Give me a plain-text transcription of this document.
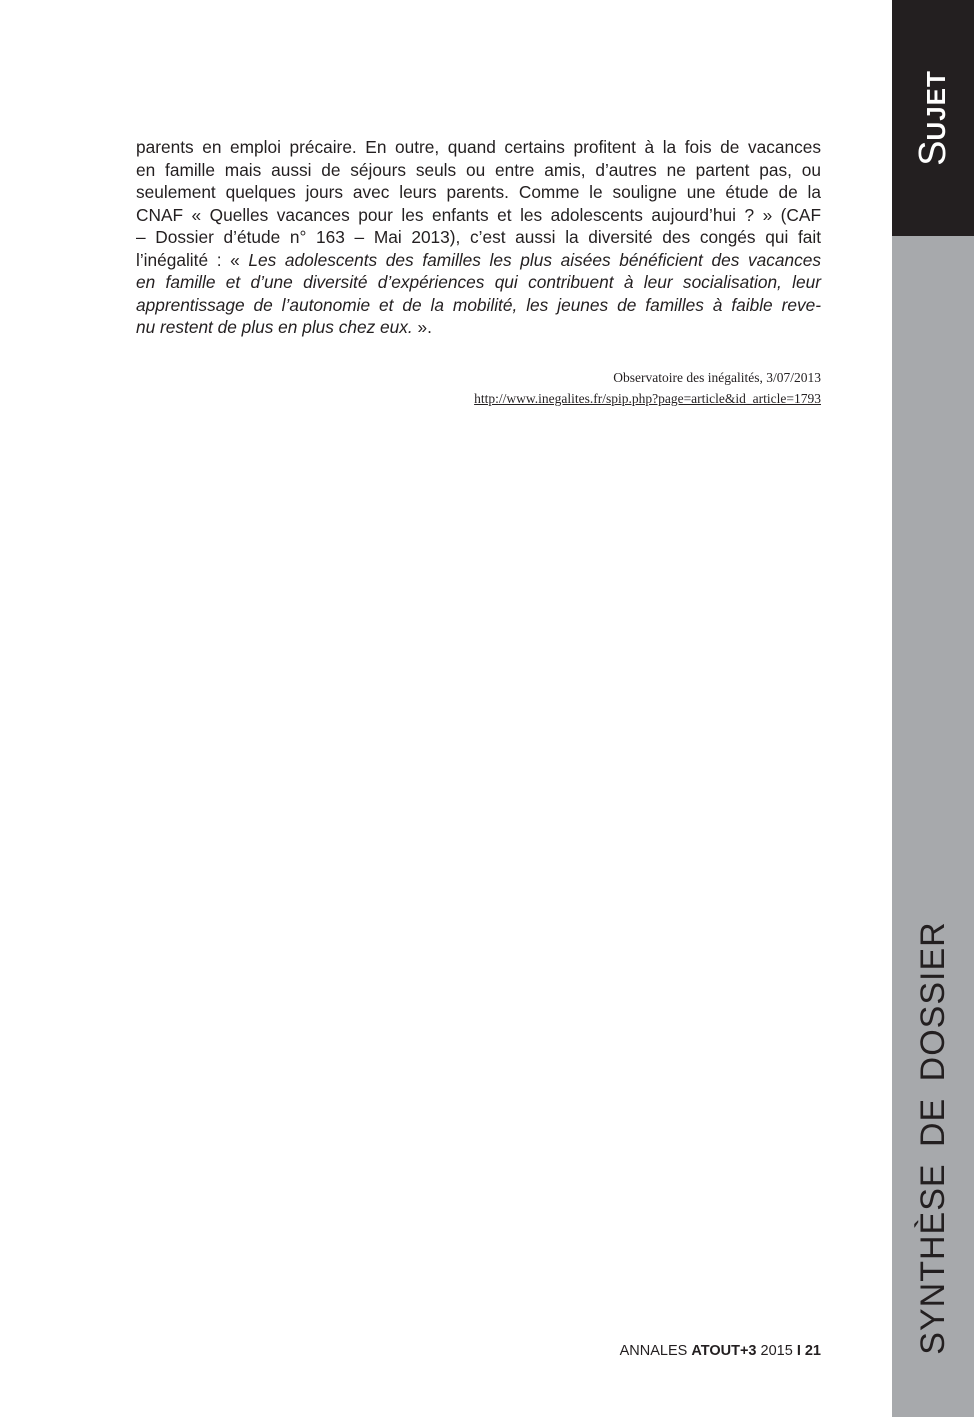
SUJET
SYNTHÈSE DE DOSSIER
parents en emploi précaire. En outre, quand certains profitent à la fois de vacances
en famille mais aussi de séjours seuls ou entre amis, d’autres ne partent pas, ou
seulement quelques jours avec leurs parents. Comme le souligne une étude de la
CNAF « Quelles vacances pour les enfants et les adolescents aujourd’hui ? » (CAF
– Dossier d’étude n° 163 – Mai 2013), c’est aussi la diversité des congés qui fait
l’inégalité : « Les adolescents des familles les plus aisées bénéficient des vacances
en famille et d’une diversité d’expériences qui contribuent à leur socialisation, leur
apprentissage de l’autonomie et de la mobilité, les jeunes de familles à faible reve-
nu restent de plus en plus chez eux. ».
Observatoire des inégalités, 3/07/2013
http://www.inegalites.fr/spip.php?page=article&id_article=1793
ANNALES ATOUT+3 2015 I 21
